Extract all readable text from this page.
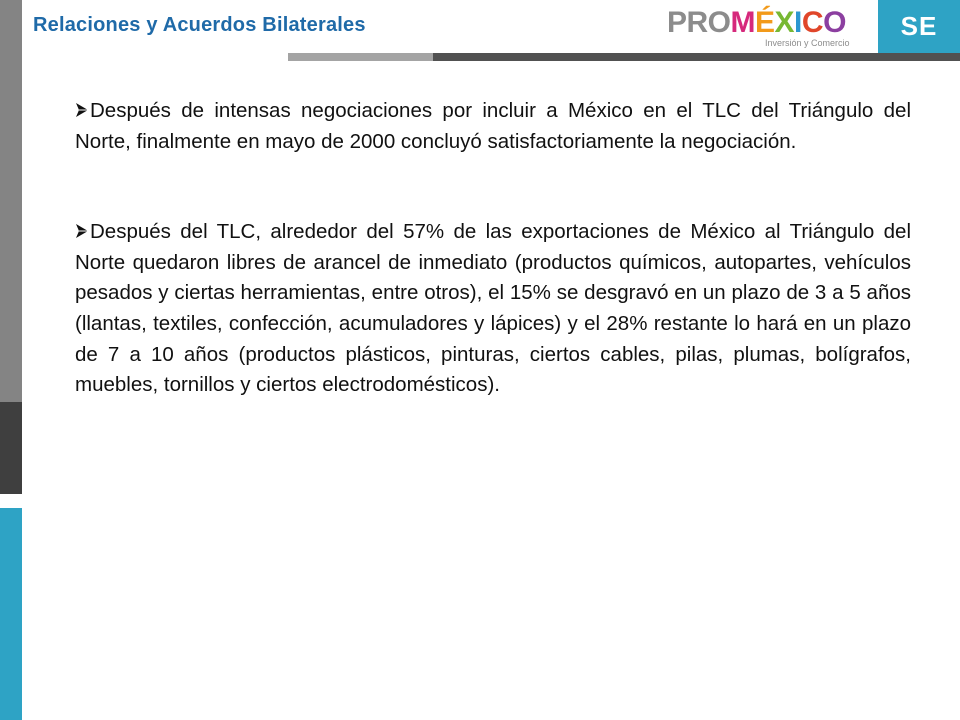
Relaciones y Acuerdos Bilaterales	PROMÉXICO
Inversión y Comercio
SE

Después de intensas negociaciones por incluir a México en el TLC del Triángulo del Norte, finalmente en mayo de 2000 concluyó satisfactoriamente la negociación.

Después del TLC, alrededor del 57% de las exportaciones de México al Triángulo del Norte quedaron libres de arancel de inmediato (productos químicos, autopartes, vehículos pesados y ciertas herramientas, entre otros), el 15% se desgravó en un plazo de 3 a 5 años (llantas, textiles, confección, acumuladores y lápices) y el 28% restante lo hará en un plazo de 7 a 10 años (productos plásticos, pinturas, ciertos cables, pilas, plumas, bolígrafos, muebles, tornillos y ciertos electrodomésticos).
